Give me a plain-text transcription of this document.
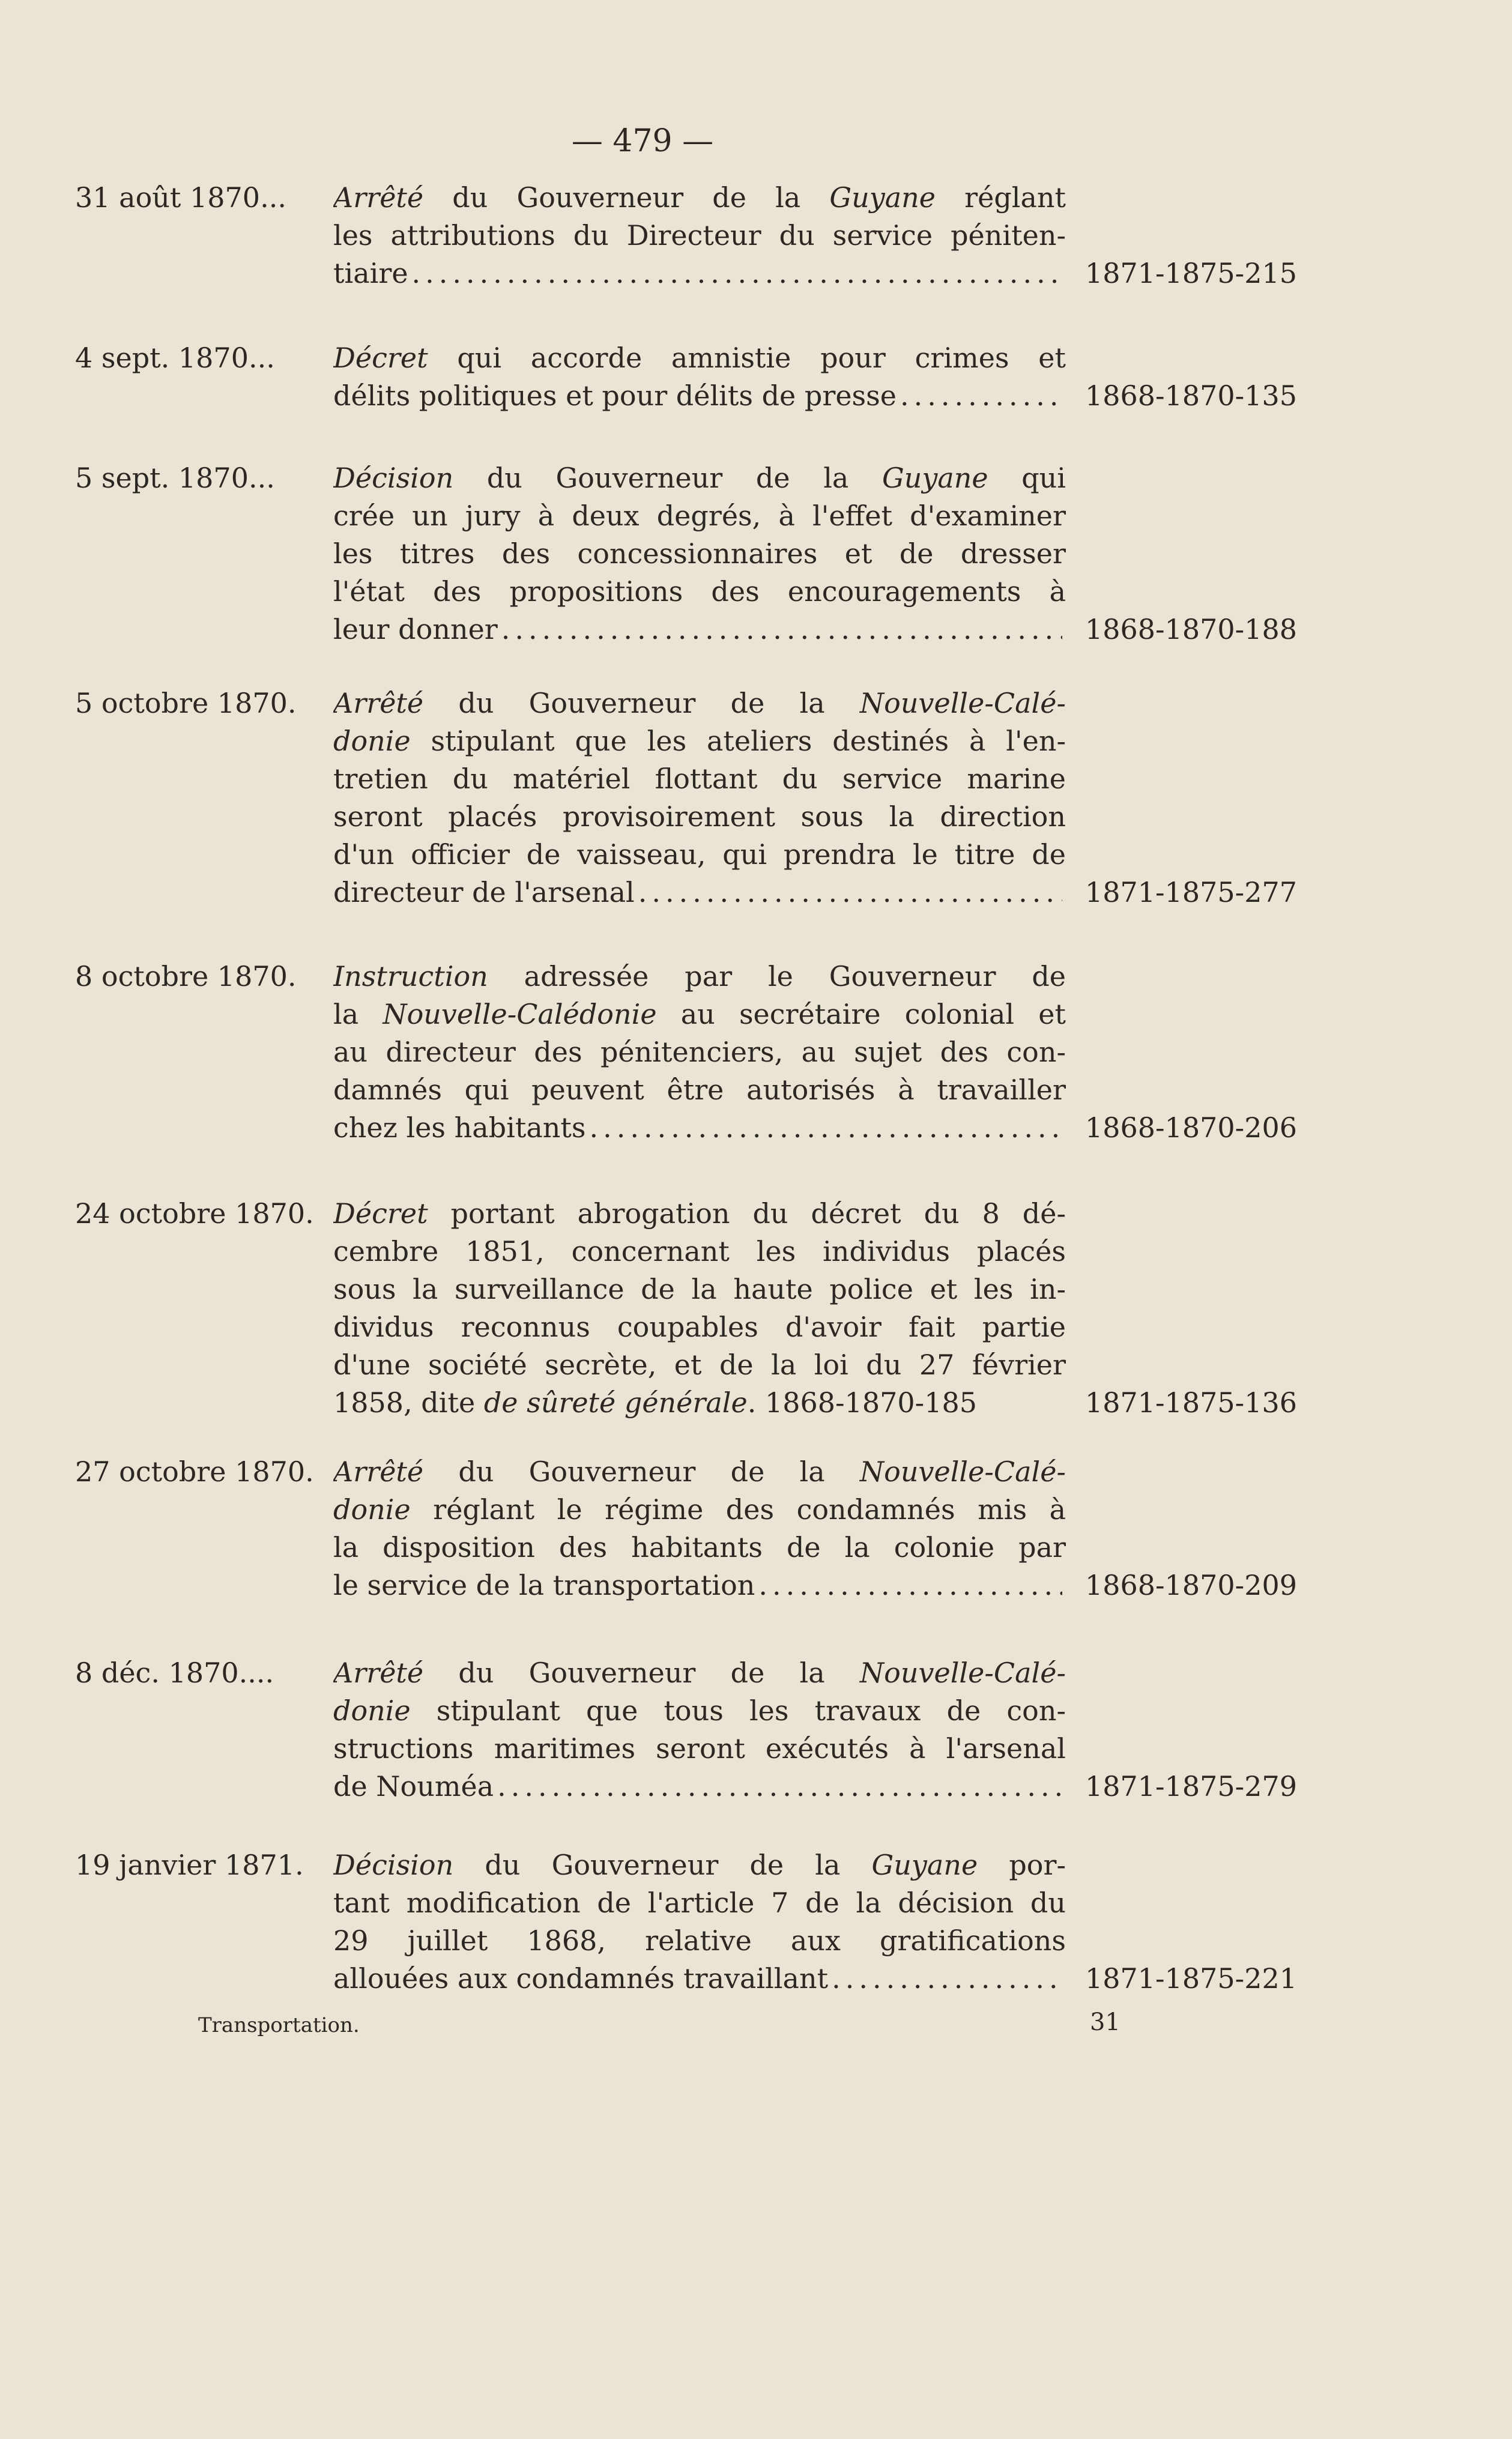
— 479 —
31 août 1870... Arrêté du Gouverneur de la Guyane réglant
les attributions du Directeur du service péniten-
tiaire .....	1871-1875-215
4 sept. 1870... Décret qui accorde amnistie pour crimes et
délits politiques et pour délits de presse .....	1868-1870-135
5 sept. 1870... Décision du Gouverneur de la Guyane qui
crée un jury à deux degrés, à l'effet d'examiner
les titres des concessionnaires et de dresser
l'état des propositions des encouragements à
leur donner .....	1868-1870-188
5 octobre 1870. Arrêté du Gouverneur de la Nouvelle-Calé-
donie stipulant que les ateliers destinés à l'en-
tretien du matériel flottant du service marine
seront placés provisoirement sous la direction
d'un officier de vaisseau, qui prendra le titre de
directeur de l'arsenal .....	1871-1875-277
8 octobre 1870. Instruction adressée par le Gouverneur de
la Nouvelle-Calédonie au secrétaire colonial et
au directeur des pénitenciers, au sujet des con-
damnés qui peuvent être autorisés à travailler
chez les habitants .....	1868-1870-206
24 octobre 1870. Décret portant abrogation du décret du 8 dé-
cembre 1851, concernant les individus placés
sous la surveillance de la haute police et les in-
dividus reconnus coupables d'avoir fait partie
d'une société secrète, et de la loi du 27 février
1858, dite de sûreté générale. 1868-1870-185	1871-1875-136
27 octobre 1870. Arrêté du Gouverneur de la Nouvelle-Calé-
donie réglant le régime des condamnés mis à
la disposition des habitants de la colonie par
le service de la transportation .....	1868-1870-209
8 déc. 1870.... Arrêté du Gouverneur de la Nouvelle-Calé-
donie stipulant que tous les travaux de con-
structions maritimes seront exécutés à l'arsenal
de Nouméa .....	1871-1875-279
19 janvier 1871. Décision du Gouverneur de la Guyane por-
tant modification de l'article 7 de la décision du
29 juillet 1868, relative aux gratifications
allouées aux condamnés travaillant .....	1871-1875-221
Transportation.	31
